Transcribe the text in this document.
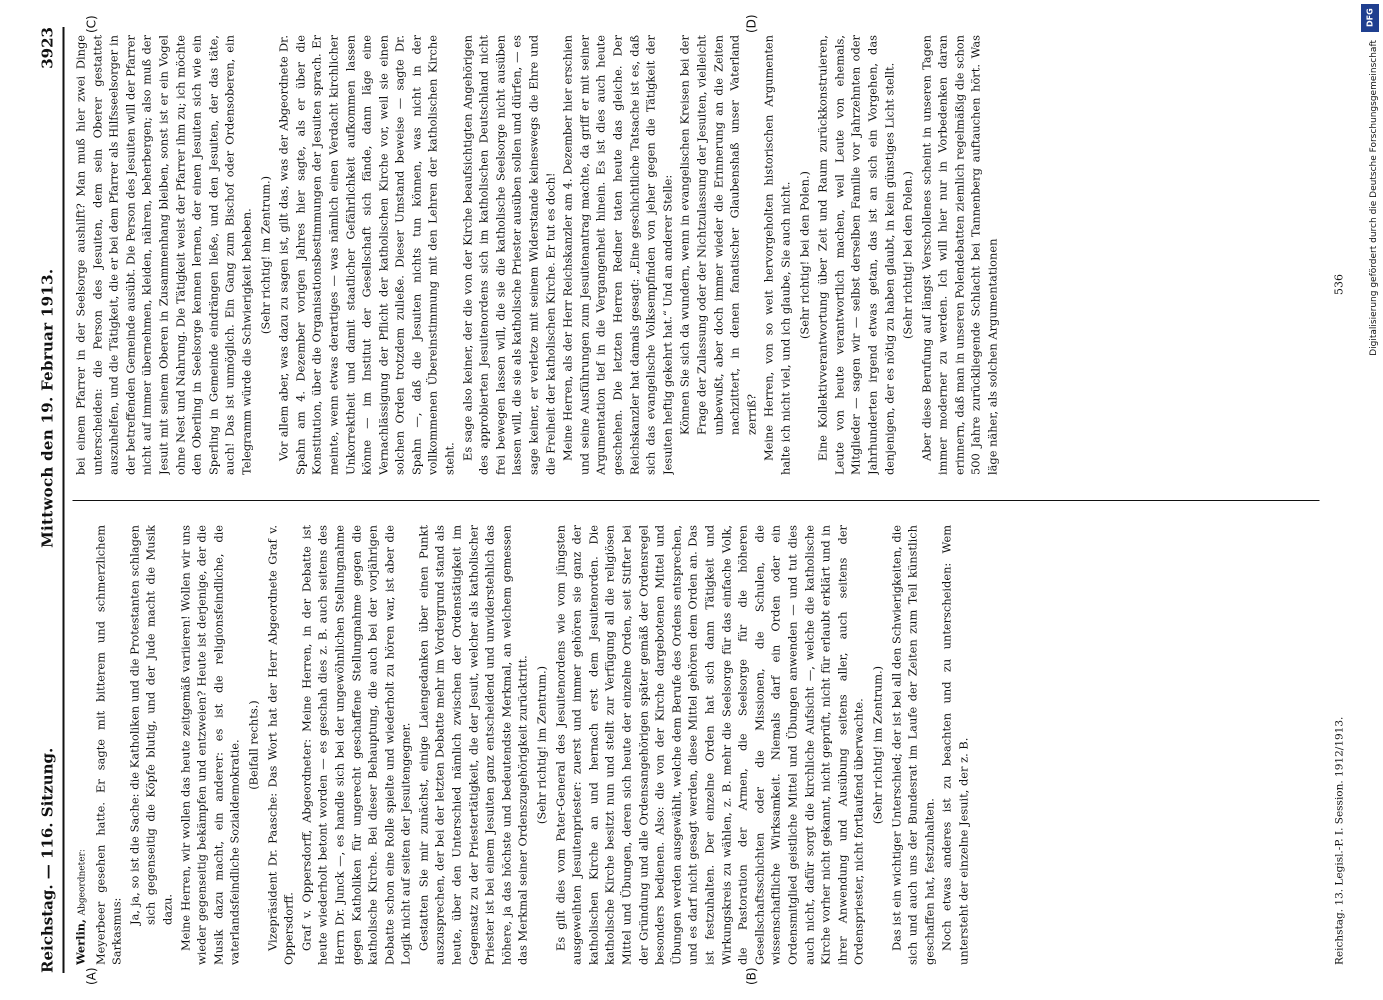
Reichstag. — 116. Sitzung.
Mittwoch den 19. Februar 1913.
3923
(A)	(B)
(C)	(D)

Werlin, Abgeordneter: Meyerbeer gesehen hatte. Er sagte mit bitterem und schmerzlichem Sarkasmus:

Ja, ja, so ist die Sache: die Katholiken und die Protestanten schlagen sich gegenseitig die Köpfe blutig, und der Jude macht die Musik dazu. Meine Herren, wir wollen das heute zeitgemäß variieren! Wollen wir uns wieder gegenseitig bekämpfen und entzweien? Heute ist derjenige, der die Musik dazu macht, ein anderer: es ist die religionsfeindliche, die vaterlandsfeindliche Sozialdemokratie. (Beifall rechts.) Vizepräsident Dr. Paasche: Das Wort hat der Herr Abgeordnete Graf v. Oppersdorff. Graf v. Oppersdorff, Abgeordneter: Meine Herren, in der Debatte ist heute wiederholt betont worden — es geschah dies z. B. auch seitens des Herrn Dr. Junck —, es handle sich bei der ungewöhnlichen Stellungnahme gegen Katholiken für ungerecht geschaffene Stellungnahme gegen die katholische Kirche. Bei dieser Behauptung, die auch bei der vorjährigen Debatte schon eine Rolle spielte und wiederholt zu hören war, ist aber die Logik nicht auf seiten der Jesuitengegner. Gestatten Sie mir zunächst, einige Laiengedanken über einen Punkt auszusprechen, der bei der letzten Debatte mehr im Vordergrund stand als heute, über den Unterschied nämlich zwischen der Ordenstätigkeit im Gegensatz zu der Priestertätigkeit, die der Jesuit, welcher als katholischer Priester ist bei einem Jesuiten ganz entscheidend und unwiderstehlich das höhere, ja das höchste und bedeutendste Merkmal, an welchem gemessen das Merkmal seiner Ordenszugehörigkeit zurücktritt. (Sehr richtig! im Zentrum.) Es gilt dies vom Pater-General des Jesuitenordens wie vom jüngsten ausgeweihten Jesuitenpriester: zuerst und immer gehören sie ganz der katholischen Kirche an und hernach erst dem Jesuitenorden. Die katholische Kirche besitzt nun und stellt zur Verfügung all die religiösen Mittel und Übungen, deren sich heute der einzelne Orden, seit Stifter bei der Gründung und alle Ordensangehörigen später gemäß der Ordensregel besonders bedienen. Also: die von der Kirche dargebotenen Mittel und Übungen werden ausgewählt, welche dem Berufe des Ordens entsprechen, und es darf nicht gesagt werden, diese Mittel gehören dem Orden an. Das ist festzuhalten. Der einzelne Orden hat sich dann Tätigkeit und Wirkungskreis zu wählen, z. B. mehr die Seelsorge für das einfache Volk, die Pastoration der Armen, die Seelsorge für die höheren Gesellschaftsschichten oder die Missionen, die Schulen, die wissenschaftliche Wirksamkeit. Niemals darf ein Orden oder ein Ordensmitglied geistliche Mittel und Übungen anwenden — und tut dies auch nicht, dafür sorgt die kirchliche Aufsicht —, welche die katholische Kirche vorher nicht gekannt, nicht geprüft, nicht für erlaubt erklärt und in ihrer Anwendung und Ausübung seitens aller, auch seitens der Ordenspriester, nicht fortlaufend überwachte. (Sehr richtig! im Zentrum.) Das ist ein wichtiger Unterschied; der ist bei all den Schwierigkeiten, die sich und auch uns der Bundesrat im Laufe der Zeiten zum Teil künstlich geschaffen hat, festzuhalten. Noch etwas anderes ist zu beachten und zu unterscheiden: Wem untersteht der einzelne Jesuit, der z. B.

bei einem Pfarrer in der Seelsorge aushilft? Man muß hier zwei Dinge unterscheiden: die Person des Jesuiten, dem sein Oberer gestattet auszuhelfen, und die Tätigkeit, die er bei dem Pfarrer als Hilfsseelsorger in der betreffenden Gemeinde ausübt. Die Person des Jesuiten will der Pfarrer nicht auf immer übernehmen, kleiden, nähren, beherbergen; also muß der Jesuit mit seinem Oberen in Zusammenhang bleiben, sonst ist er ein Vogel ohne Nest und Nahrung. Die Tätigkeit weist der Pfarrer ihm zu; ich möchte den Oberling in Seelsorge kennen lernen, der einen Jesuiten sich wie ein Sperling in Gemeinde eindrängen ließe, und den Jesuiten, der das täte, auch! Das ist unmöglich. Ein Gang zum Bischof oder Ordensoberen, ein Telegramm würde die Schwierigkeit beheben. (Sehr richtig! im Zentrum.) Vor allem aber, was dazu zu sagen ist, gilt das, was der Abgeordnete Dr. Spahn am 4. Dezember vorigen Jahres hier sagte, als er über die Konstitution, über die Organisationsbestimmungen der Jesuiten sprach. Er meinte, wenn etwas derartiges — was nämlich einen Verdacht kirchlicher Unkorrektheit und damit staatlicher Gefährlichkeit aufkommen lassen könne — im Institut der Gesellschaft sich fände, dann läge eine Vernachlässigung der Pflicht der katholischen Kirche vor, weil sie einen solchen Orden trotzdem zuließe. Dieser Umstand beweise — sagte Dr. Spahn —, daß die Jesuiten nichts tun können, was nicht in der vollkommenen Übereinstimmung mit den Lehren der katholischen Kirche steht. Es sage also keiner, der die von der Kirche beaufsichtigten Angehörigen des approbierten Jesuitenordens sich im katholischen Deutschland nicht frei bewegen lassen will, die sie die katholische Seelsorge nicht ausüben lassen will, die sie als katholische Priester ausüben sollen und dürfen, — es sage keiner, er verletze mit seinem Widerstande keineswegs die Ehre und die Freiheit der katholischen Kirche. Er tut es doch! Meine Herren, als der Herr Reichskanzler am 4. Dezember hier erschien und seine Ausführungen zum Jesuitenantrag machte, da griff er mit seiner Argumentation tief in die Vergangenheit hinein. Es ist dies auch heute geschehen. Die letzten Herren Redner taten heute das gleiche. Der Reichskanzler hat damals gesagt: „Eine geschichtliche Tatsache ist es, daß sich das evangelische Volksempfinden von jeher gegen die Tätigkeit der Jesuiten heftig gekehrt hat.“ Und an anderer Stelle: Können Sie sich da wundern, wenn in evangelischen Kreisen bei der Frage der Zulassung oder der Nichtzulassung der Jesuiten, vielleicht unbewußt, aber doch immer wieder die Erinnerung an die Zeiten nachzittert, in denen fanatischer Glaubenshaß unser Vaterland zerriß? Meine Herren, von so weit hervorgeholten historischen Argumenten halte ich nicht viel, und ich glaube, Sie auch nicht. (Sehr richtig! bei den Polen.) Eine Kollektivverantwortung über Zeit und Raum zurückkonstruieren, Leute von heute verantwortlich machen, weil Leute von ehemals, Mitglieder — sagen wir — selbst derselben Familie vor Jahrzehnten oder Jahrhunderten irgend etwas getan, das ist an sich ein Vorgehen, das denjenigen, der es nötig zu haben glaubt, in kein günstiges Licht stellt. (Sehr richtig! bei den Polen.) Aber diese Berufung auf längst Verschollenes scheint in unseren Tagen immer moderner zu werden. Ich will hier nur in Vorbedenken daran erinnern, daß man in unseren Polendebatten ziemlich regelmäßig die schon 500 Jahre zurückliegende Schlacht bei Tannenberg auftauchen hört. Was läge näher, als solchen Argumentationen

Reichstag. 13. Legisl.-P. I. Session. 1912/1913.
536
DFG
Digitalisierung gefördert durch die Deutsche Forschungsgemeinschaft
